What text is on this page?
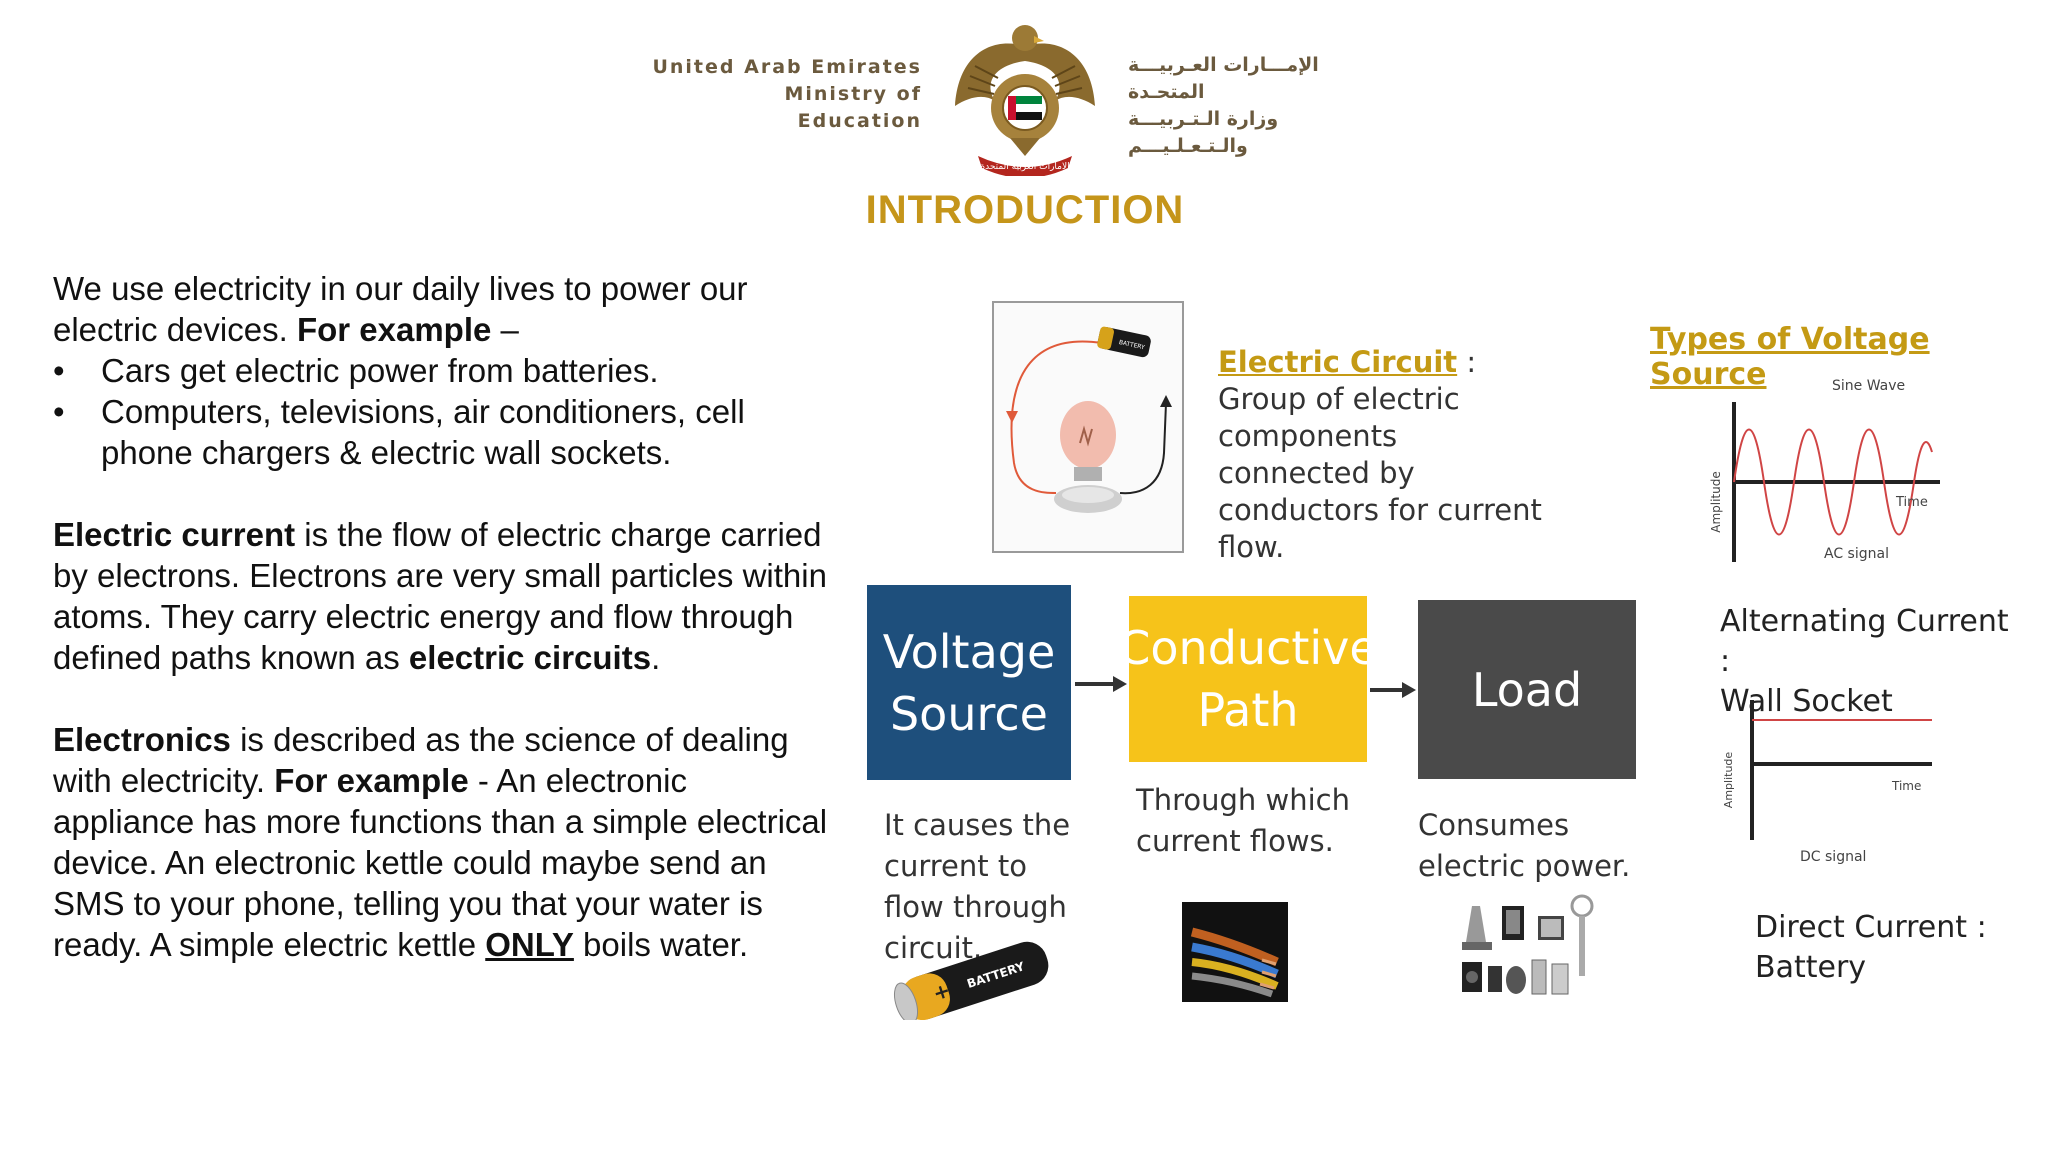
United Arab Emirates
Ministry of Education
الامارات العربية المتحدة
الإمـــارات العـربيـــة المتحـدة
وزارة الـتـربيـــة والـتـعـلـيـــم
INTRODUCTION

We use electricity in our daily lives to power our electric devices. For example –

• Cars get electric power from batteries.
• Computers, televisions, air conditioners, cell phone chargers & electric wall sockets.

Electric current is the flow of electric charge carried by electrons. Electrons are very small particles within atoms. They carry electric energy and flow through defined paths known as electric circuits.

Electronics is described as the science of dealing with electricity. For example - An electronic appliance has more functions than a simple electrical device. An electronic kettle could maybe send an SMS to your phone, telling you that your water is ready. A simple electric kettle ONLY boils water.

BATTERY	Electric Circuit : Group of electric components connected by conductors for current flow.
Voltage
Source
Conductive
Path	Load
It causes the current to flow through circuit.
Through which current flows.	Consumes electric power.
+
BATTERY
Types of Voltage Source	Sine Wave
Amplitude	Time
AC signal
Alternating Current :
Wall Socket
Amplitude	Time
DC signal
Direct Current :
Battery
